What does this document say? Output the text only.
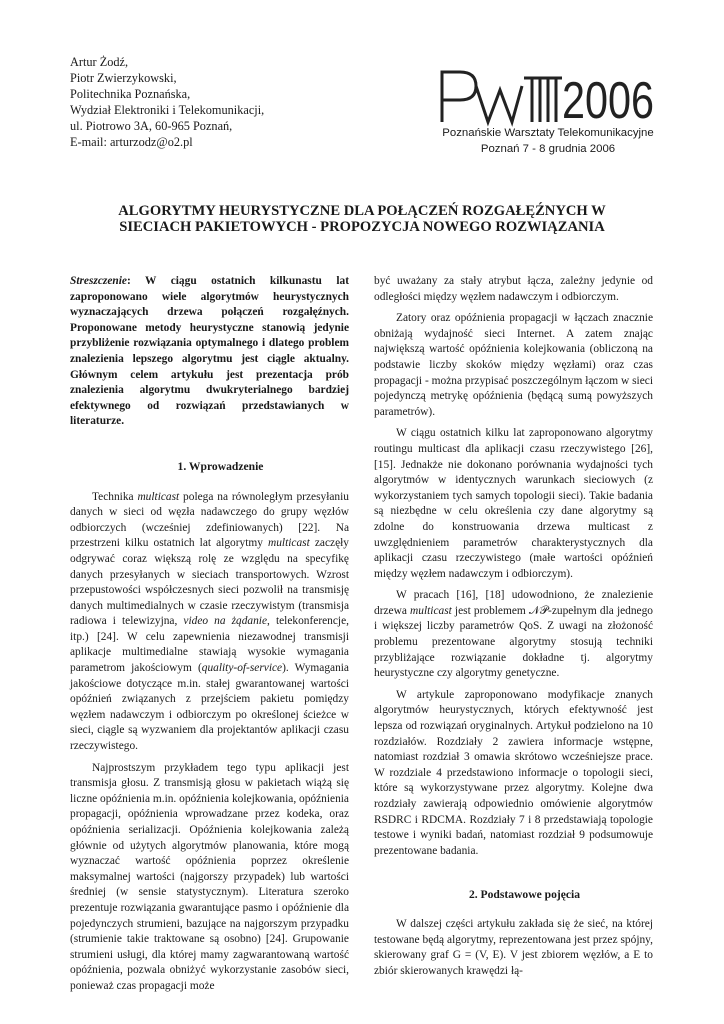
Artur Żodź,
Piotr Zwierzykowski,
Politechnika Poznańska,
Wydział Elektroniki i Telekomunikacji,
ul. Piotrowo 3A, 60-965 Poznań,
E-mail: arturzodz@o2.pl
2006
Poznańskie Warsztaty Telekomunikacyjne
Poznań 7 - 8 grudnia 2006
ALGORYTMY HEURYSTYCZNE DLA POŁĄCZEŃ ROZGAŁĘŹNYCH W
SIECIACH PAKIETOWYCH - PROPOZYCJA NOWEGO ROZWIĄZANIA

Streszczenie: W ciągu ostatnich kilkunastu lat zaproponowano wiele algorytmów heurystycznych wyznaczających drzewa połączeń rozgałęźnych. Proponowane metody heurystyczne stanowią jedynie przybliżenie rozwiązania optymalnego i dlatego problem znalezienia lepszego algorytmu jest ciągle aktualny. Głównym celem artykułu jest prezentacja prób znalezienia algorytmu dwukryterialnego bardziej efektywnego od rozwiązań przedstawianych w literaturze.

1. Wprowadzenie

Technika multicast polega na równoległym przesyłaniu danych w sieci od węzła nadawczego do grupy węzłów odbiorczych (wcześniej zdefiniowanych) [22]. Na przestrzeni kilku ostatnich lat algorytmy multicast zaczęły odgrywać coraz większą rolę ze względu na specyfikę danych przesyłanych w sieciach transportowych. Wzrost przepustowości współczesnych sieci pozwolił na transmisję danych multimedialnych w czasie rzeczywistym (transmisja radiowa i telewizyjna, video na żądanie, telekonferencje, itp.) [24]. W celu zapewnienia niezawodnej transmisji aplikacje multimedialne stawiają wysokie wymagania parametrom jakościowym (quality-of-service). Wymagania jakościowe dotyczące m.in. stałej gwarantowanej wartości opóźnień związanych z przejściem pakietu pomiędzy węzłem nadawczym i odbiorczym po określonej ścieżce w sieci, ciągle są wyzwaniem dla projektantów aplikacji czasu rzeczywistego.

Najprostszym przykładem tego typu aplikacji jest transmisja głosu. Z transmisją głosu w pakietach wiążą się liczne opóźnienia m.in. opóźnienia kolejkowania, opóźnienia propagacji, opóźnienia wprowadzane przez kodeka, oraz opóźnienia serializacji. Opóźnienia kolejkowania zależą głównie od użytych algorytmów planowania, które mogą wyznaczać wartość opóźnienia poprzez określenie maksymalnej wartości (najgorszy przypadek) lub wartości średniej (w sensie statystycznym). Literatura szeroko prezentuje rozwiązania gwarantujące pasmo i opóźnienie dla pojedynczych strumieni, bazujące na najgorszym przypadku (strumienie takie traktowane są osobno) [24]. Grupowanie strumieni usługi, dla której mamy zagwarantowaną wartość opóźnienia, pozwala obniżyć wykorzystanie zasobów sieci, ponieważ czas propagacji może

być uważany za stały atrybut łącza, zależny jedynie od odległości między węzłem nadawczym i odbiorczym.

Zatory oraz opóźnienia propagacji w łączach znacznie obniżają wydajność sieci Internet. A zatem znając największą wartość opóźnienia kolejkowania (obliczoną na podstawie liczby skoków między węzłami) oraz czas propagacji - można przypisać poszczególnym łączom w sieci pojedynczą metrykę opóźnienia (będącą sumą powyższych parametrów).

W ciągu ostatnich kilku lat zaproponowano algorytmy routingu multicast dla aplikacji czasu rzeczywistego [26], [15]. Jednakże nie dokonano porównania wydajności tych algorytmów w identycznych warunkach sieciowych (z wykorzystaniem tych samych topologii sieci). Takie badania są niezbędne w celu określenia czy dane algorytmy są zdolne do konstruowania drzewa multicast z uwzględnieniem parametrów charakterystycznych dla aplikacji czasu rzeczywistego (małe wartości opóźnień między węzłem nadawczym i odbiorczym).

W pracach [16], [18] udowodniono, że znalezienie drzewa multicast jest problemem 𝒩𝒫-zupełnym dla jednego i większej liczby parametrów QoS. Z uwagi na złożoność problemu prezentowane algorytmy stosują techniki przybliżające rozwiązanie dokładne tj. algorytmy heurystyczne czy algorytmy genetyczne.

W artykule zaproponowano modyfikacje znanych algorytmów heurystycznych, których efektywność jest lepsza od rozwiązań oryginalnych. Artykuł podzielono na 10 rozdziałów. Rozdziały 2 zawiera informacje wstępne, natomiast rozdział 3 omawia skrótowo wcześniejsze prace. W rozdziale 4 przedstawiono informacje o topologii sieci, które są wykorzystywane przez algorytmy. Kolejne dwa rozdziały zawierają odpowiednio omówienie algorytmów RSDRC i RDCMA. Rozdziały 7 i 8 przedstawiają topologie testowe i wyniki badań, natomiast rozdział 9 podsumowuje prezentowane badania.

2. Podstawowe pojęcia

W dalszej części artykułu zakłada się że sieć, na której testowane będą algorytmy, reprezentowana jest przez spójny, skierowany graf G = (V, E). V jest zbiorem węzłów, a E to zbiór skierowanych krawędzi łą-
